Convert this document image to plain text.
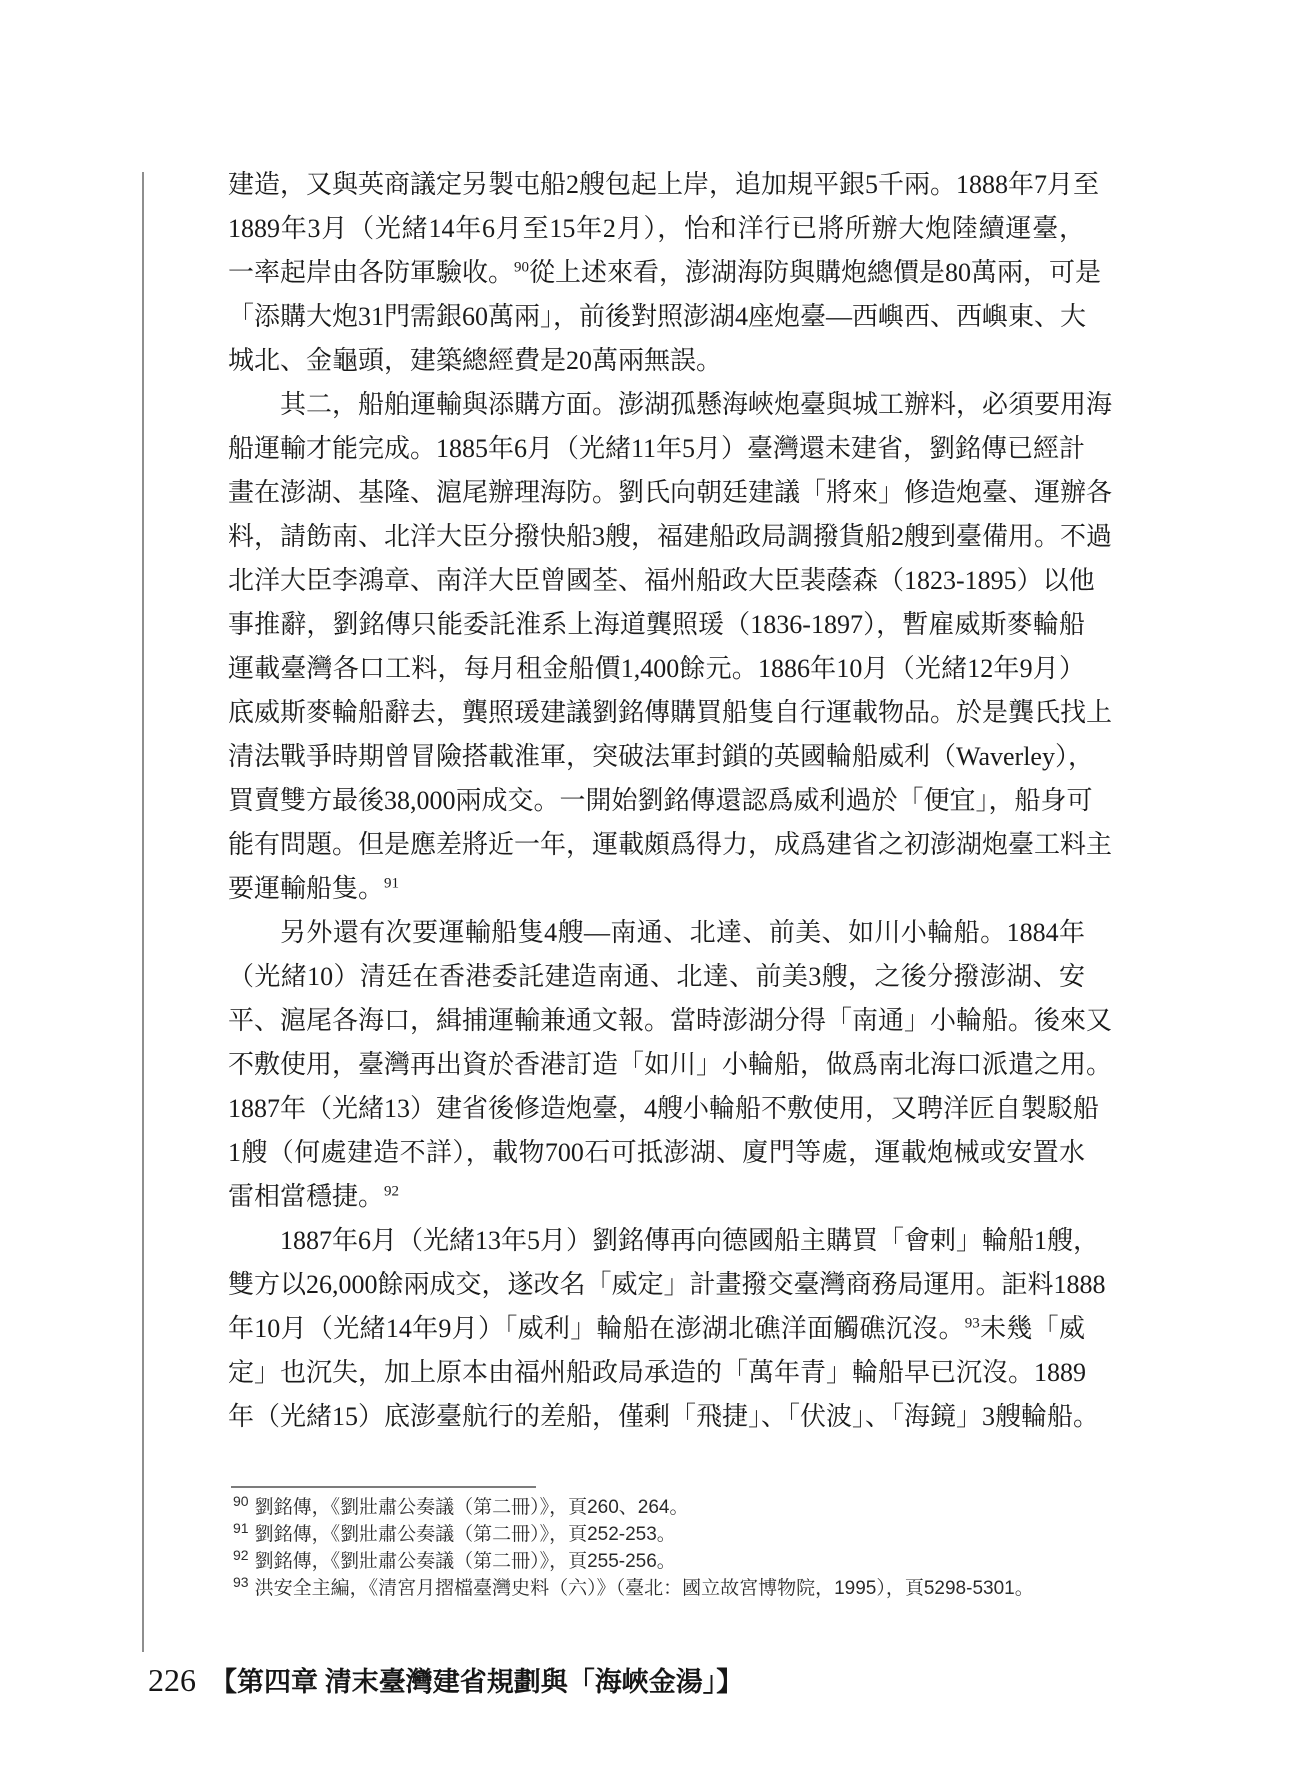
建造，又與英商議定另製屯船2艘包起上岸，追加規平銀5千兩。1888年7月至
1889年3月（光緒14年6月至15年2月），怡和洋行已將所辦大炮陸續運臺，
一率起岸由各防軍驗收。$^{90}$從上述來看，澎湖海防與購炮總價是80萬兩，可是
「添購大炮31門需銀60萬兩」，前後對照澎湖4座炮臺—西嶼西、西嶼東、大
城北、金龜頭，建築總經費是20萬兩無誤。
其二，船舶運輸與添購方面。澎湖孤懸海峽炮臺與城工辦料，必須要用海
船運輸才能完成。1885年6月（光緒11年5月）臺灣還未建省，劉銘傳已經計
畫在澎湖、基隆、滬尾辦理海防。劉氏向朝廷建議「將來」修造炮臺、運辦各
料，請飭南、北洋大臣分撥快船3艘，福建船政局調撥貨船2艘到臺備用。不過
北洋大臣李鴻章、南洋大臣曾國荃、福州船政大臣裴蔭森（1823-1895）以他
事推辭，劉銘傳只能委託淮系上海道龔照瑗（1836-1897），暫雇威斯麥輪船
運載臺灣各口工料，每月租金船價1,400餘元。1886年10月（光緒12年9月）
底威斯麥輪船辭去，龔照瑗建議劉銘傳購買船隻自行運載物品。於是龔氏找上
清法戰爭時期曾冒險搭載淮軍，突破法軍封鎖的英國輪船威利（Waverley），
買賣雙方最後38,000兩成交。一開始劉銘傳還認爲威利過於「便宜」，船身可
能有問題。但是應差將近一年，運載頗爲得力，成爲建省之初澎湖炮臺工料主
要運輸船隻。$^{91}$
另外還有次要運輸船隻4艘—南通、北達、前美、如川小輪船。1884年
（光緒10）清廷在香港委託建造南通、北達、前美3艘，之後分撥澎湖、安
平、滬尾各海口，緝捕運輸兼通文報。當時澎湖分得「南通」小輪船。後來又
不敷使用，臺灣再出資於香港訂造「如川」小輪船，做爲南北海口派遣之用。
1887年（光緒13）建省後修造炮臺，4艘小輪船不敷使用，又聘洋匠自製駁船
1艘（何處建造不詳），載物700石可抵澎湖、廈門等處，運載炮械或安置水
雷相當穩捷。$^{92}$
1887年6月（光緒13年5月）劉銘傳再向德國船主購買「會剌」輪船1艘，
雙方以26,000餘兩成交，遂改名「威定」計畫撥交臺灣商務局運用。詎料1888
年10月（光緒14年9月）「威利」輪船在澎湖北礁洋面觸礁沉沒。$^{93}$未幾「威
定」也沉失，加上原本由福州船政局承造的「萬年青」輪船早已沉沒。1889
年（光緒15）底澎臺航行的差船，僅剩「飛捷」、「伏波」、「海鏡」3艘輪船。
$^{90}$ 劉銘傳，《劉壯肅公奏議（第二冊）》，頁260、264。
$^{91}$ 劉銘傳，《劉壯肅公奏議（第二冊）》，頁252-253。
$^{92}$ 劉銘傳，《劉壯肅公奏議（第二冊）》，頁255-256。
$^{93}$ 洪安全主編，《清宮月摺檔臺灣史料（六）》（臺北：國立故宮博物院，1995），頁5298-5301。
226 【第四章 清末臺灣建省規劃與「海峽金湯」】
